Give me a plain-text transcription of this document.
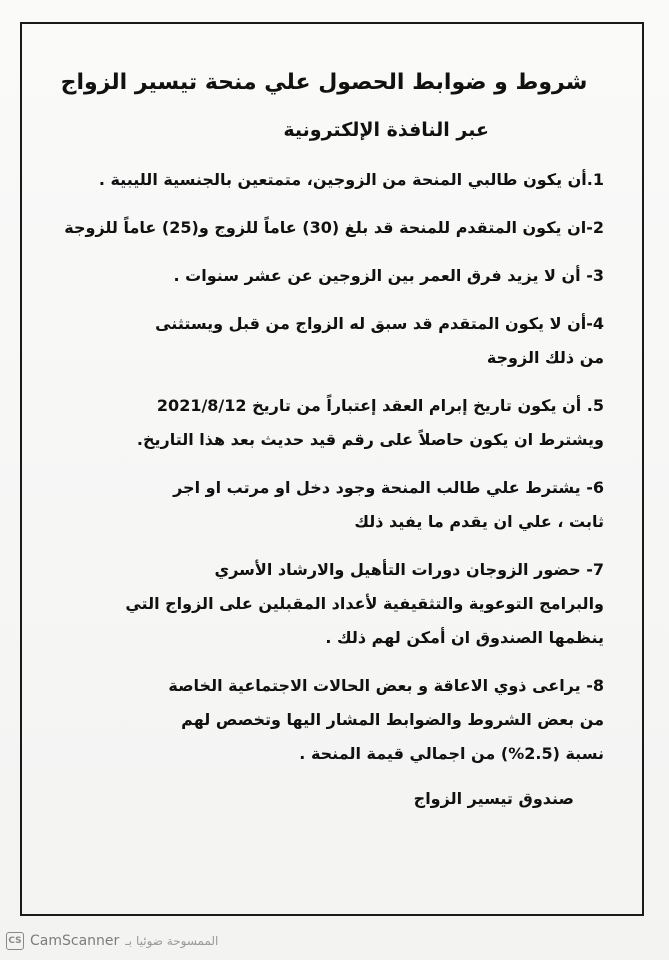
شروط و ضوابط الحصول علي منحة تيسير الزواج
عبر النافذة الإلكترونية
1.أن يكون طالبي المنحة من الزوجين، متمتعين بالجنسية الليبية .
2-ان يكون المتقدم للمنحة قد بلغ (30) عاماً للزوج و(25) عاماً للزوجة
3- أن لا يزيد فرق العمر بين الزوجين عن عشر سنوات .
4-أن لا يكون المتقدم قد سبق له الزواج من قبل ويستثنى
من ذلك الزوجة
5. أن يكون تاريخ إبرام العقد إعتباراً من تاريخ 2021/8/12
ويشترط ان يكون حاصلاً على رقم قيد حديث بعد هذا التاريخ.
6- يشترط علي طالب المنحة وجود دخل او مرتب او اجر
ثابت ، علي ان يقدم ما يفيد ذلك
7- حضور الزوجان دورات التأهيل والارشاد الأسري
والبرامج التوعوية والتثقيفية لأعداد المقبلين على الزواج التي
ينظمها الصندوق ان أمكن لهم ذلك .
8- يراعى ذوي الاعاقة و بعض الحالات الاجتماعية الخاصة
من بعض الشروط والضوابط المشار اليها وتخصص لهم
نسبة (2.5%) من اجمالي قيمة المنحة .
صندوق تيسير الزواج
CS CamScanner الممسوحة ضوئيا بـ
